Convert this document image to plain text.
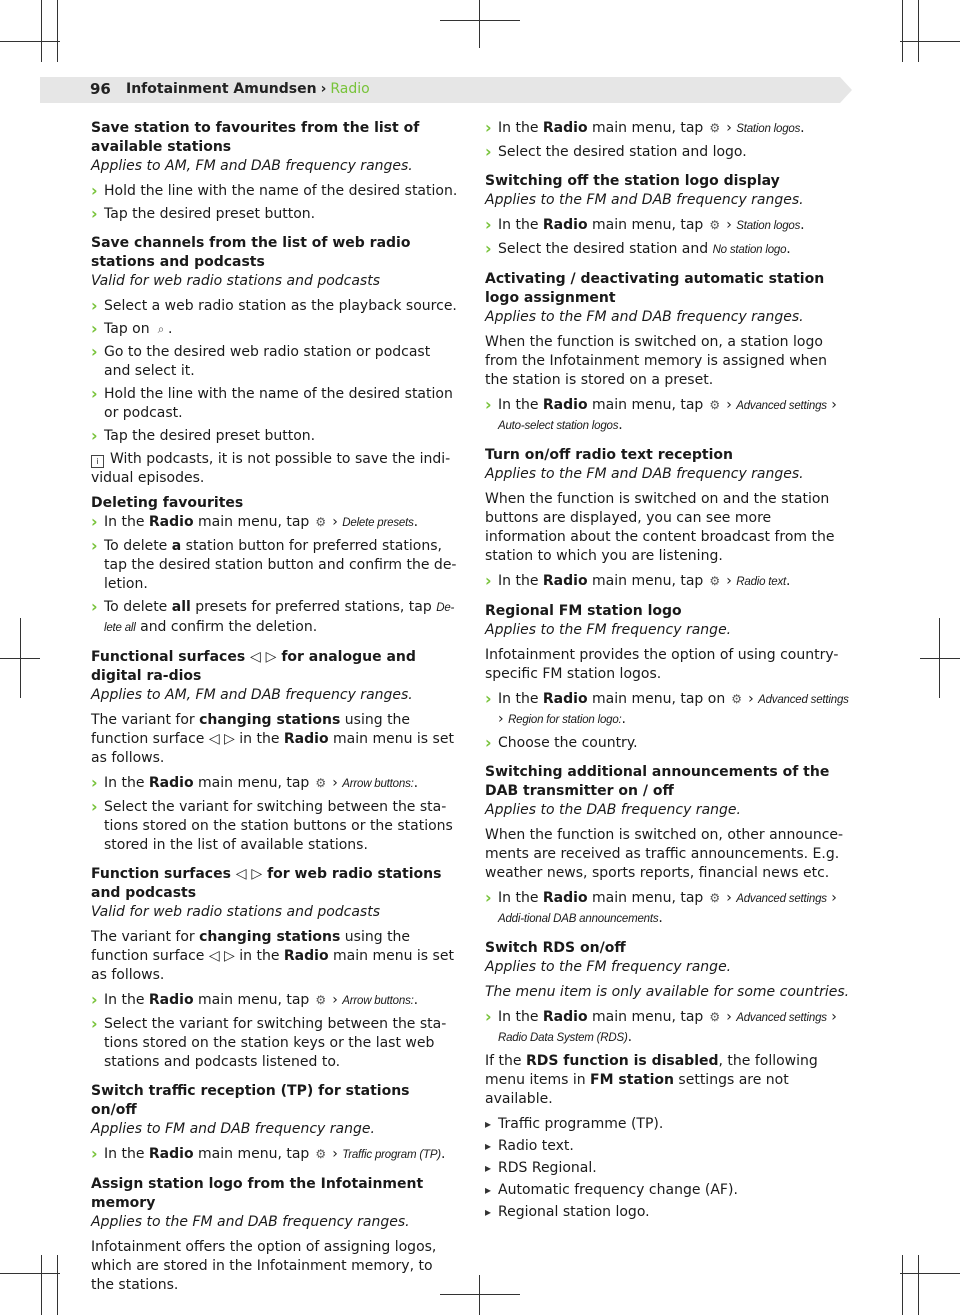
96 Infotainment Amundsen › Radio
Save station to favourites from the list of available stations
Applies to AM, FM and DAB frequency ranges.
› Hold the line with the name of the desired station.
› Tap the desired preset button.
Save channels from the list of web radio stations and podcasts
Valid for web radio stations and podcasts
› Select a web radio station as the playback source.
› Tap on ⌕ .
› Go to the desired web radio station or podcast and select it.
› Hold the line with the name of the desired station or podcast.
› Tap the desired preset button.

i With podcasts, it is not possible to save the indi-vidual episodes.

Deleting favourites
› In the Radio main menu, tap ⚙ › Delete presets.
› To delete a station button for preferred stations, tap the desired station button and confirm the de-letion.
› To delete all presets for preferred stations, tap De-lete all and confirm the deletion.
Functional surfaces ◁ ▷ for analogue and digital ra-dios
Applies to AM, FM and DAB frequency ranges.

The variant for changing stations using the function surface ◁ ▷ in the Radio main menu is set as follows.

› In the Radio main menu, tap ⚙ › Arrow buttons:.
› Select the variant for switching between the sta-tions stored on the station buttons or the stations stored in the list of available stations.
Function surfaces ◁ ▷ for web radio stations and podcasts
Valid for web radio stations and podcasts

The variant for changing stations using the function surface ◁ ▷ in the Radio main menu is set as follows.

› In the Radio main menu, tap ⚙ › Arrow buttons:.
› Select the variant for switching between the sta-tions stored on the station keys or the last web stations and podcasts listened to.
Switch traffic reception (TP) for stations on/off
Applies to FM and DAB frequency range.
› In the Radio main menu, tap ⚙ › Traffic program (TP).
Assign station logo from the Infotainment memory
Applies to the FM and DAB frequency ranges.

Infotainment offers the option of assigning logos, which are stored in the Infotainment memory, to the stations.

› In the Radio main menu, tap ⚙ › Station logos.
› Select the desired station and logo.
Switching off the station logo display
Applies to the FM and DAB frequency ranges.
› In the Radio main menu, tap ⚙ › Station logos.
› Select the desired station and No station logo.
Activating / deactivating automatic station logo assignment
Applies to the FM and DAB frequency ranges.

When the function is switched on, a station logo from the Infotainment memory is assigned when the station is stored on a preset.

› In the Radio main menu, tap ⚙ › Advanced settings › Auto-select station logos.
Turn on/off radio text reception
Applies to the FM and DAB frequency ranges.

When the function is switched on and the station buttons are displayed, you can see more information about the content broadcast from the station to which you are listening.

› In the Radio main menu, tap ⚙ › Radio text.
Regional FM station logo
Applies to the FM frequency range.

Infotainment provides the option of using country-specific FM station logos.

› In the Radio main menu, tap on ⚙ › Advanced settings › Region for station logo:.
› Choose the country.
Switching additional announcements of the DAB transmitter on / off
Applies to the DAB frequency range.

When the function is switched on, other announce-ments are received as traffic announcements. E.g. weather news, sports reports, financial news etc.

› In the Radio main menu, tap ⚙ › Advanced settings › Addi-tional DAB announcements.
Switch RDS on/off
Applies to the FM frequency range.
The menu item is only available for some countries.
› In the Radio main menu, tap ⚙ › Advanced settings › Radio Data System (RDS).

If the RDS function is disabled, the following menu items in FM station settings are not available.

▸ Traffic programme (TP).
▸ Radio text.
▸ RDS Regional.
▸ Automatic frequency change (AF).
▸ Regional station logo.
